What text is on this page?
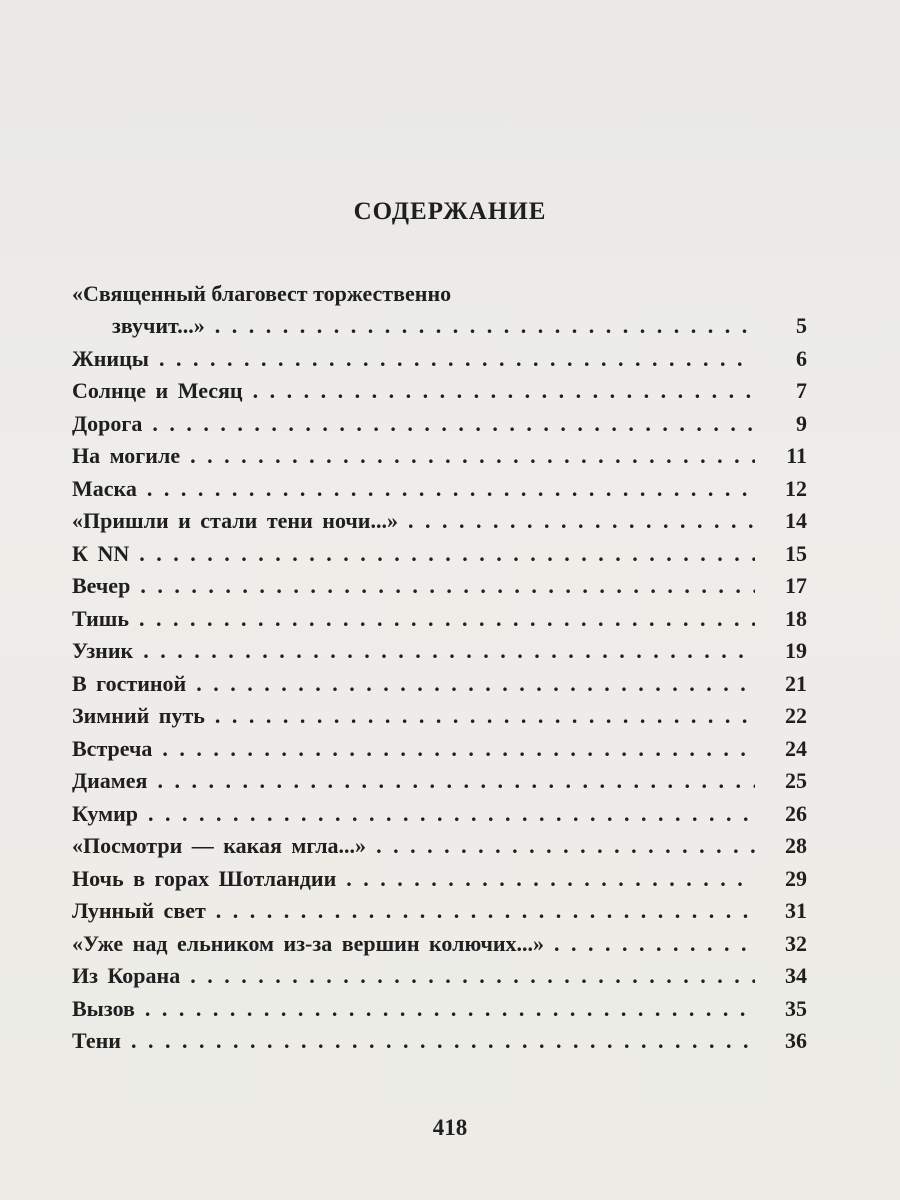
СОДЕРЖАНИЕ
«Священный благовест торжественно
звучит...» . . .	5
Жницы . . .	6
Солнце и Месяц . . .	7
Дорога . . .	9
На могиле . . .	11
Маска . . .	12
«Пришли и стали тени ночи...» . . .	14
К NN . . .	15
Вечер . . .	17
Тишь . . .	18
Узник . . .	19
В гостиной . . .	21
Зимний путь . . .	22
Встреча . . .	24
Диамея . . .	25
Кумир . . .	26
«Посмотри — какая мгла...» . . .	28
Ночь в горах Шотландии . . .	29
Лунный свет . . .	31
«Уже над ельником из-за вершин колючих...» . . .	32
Из Корана . . .	34
Вызов . . .	35
Тени . . .	36
418
